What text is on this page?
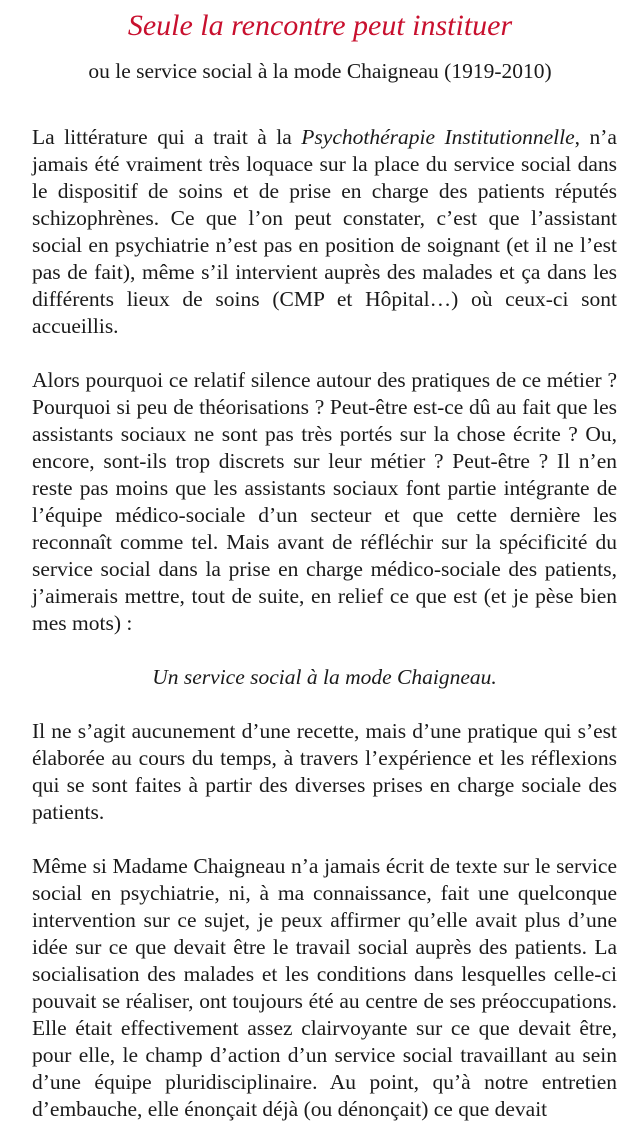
Seule la rencontre peut instituer
ou le service social à la mode Chaigneau (1919-2010)

La littérature qui a trait à la Psychothérapie Institutionnelle, n’a jamais été vraiment très loquace sur la place du service social dans le dispositif de soins et de prise en charge des patients réputés schizophrènes. Ce que l’on peut constater, c’est que l’assistant social en psychiatrie n’est pas en position de soignant (et il ne l’est pas de fait), même s’il intervient auprès des malades et ça dans les différents lieux de soins (CMP et Hôpital…) où ceux-ci sont accueillis.

Alors pourquoi ce relatif silence autour des pratiques de ce métier ? Pourquoi si peu de théorisations ? Peut-être est-ce dû au fait que les assistants sociaux ne sont pas très portés sur la chose écrite ? Ou, encore, sont-ils trop discrets sur leur métier ? Peut-être ? Il n’en reste pas moins que les assistants sociaux font partie intégrante de l’équipe médico-sociale d’un secteur et que cette dernière les reconnaît comme tel. Mais avant de réfléchir sur la spécificité du service social dans la prise en charge médico-sociale des patients, j’aimerais mettre, tout de suite, en relief ce que est (et je pèse bien mes mots) :

Un service social à la mode Chaigneau.

Il ne s’agit aucunement d’une recette, mais d’une pratique qui s’est élaborée au cours du temps, à travers l’expérience et les réflexions qui se sont faites à partir des diverses prises en charge sociale des patients.

Même si Madame Chaigneau n’a jamais écrit de texte sur le service social en psychiatrie, ni, à ma connaissance, fait une quelconque intervention sur ce sujet, je peux affirmer qu’elle avait plus d’une idée sur ce que devait être le travail social auprès des patients. La socialisation des malades et les conditions dans lesquelles celle-ci pouvait se réaliser, ont toujours été au centre de ses préoccupations. Elle était effectivement assez clairvoyante sur ce que devait être, pour elle, le champ d’action d’un service social travaillant au sein d’une équipe pluridisciplinaire. Au point, qu’à notre entretien d’embauche, elle énonçait déjà (ou dénonçait) ce que devait
